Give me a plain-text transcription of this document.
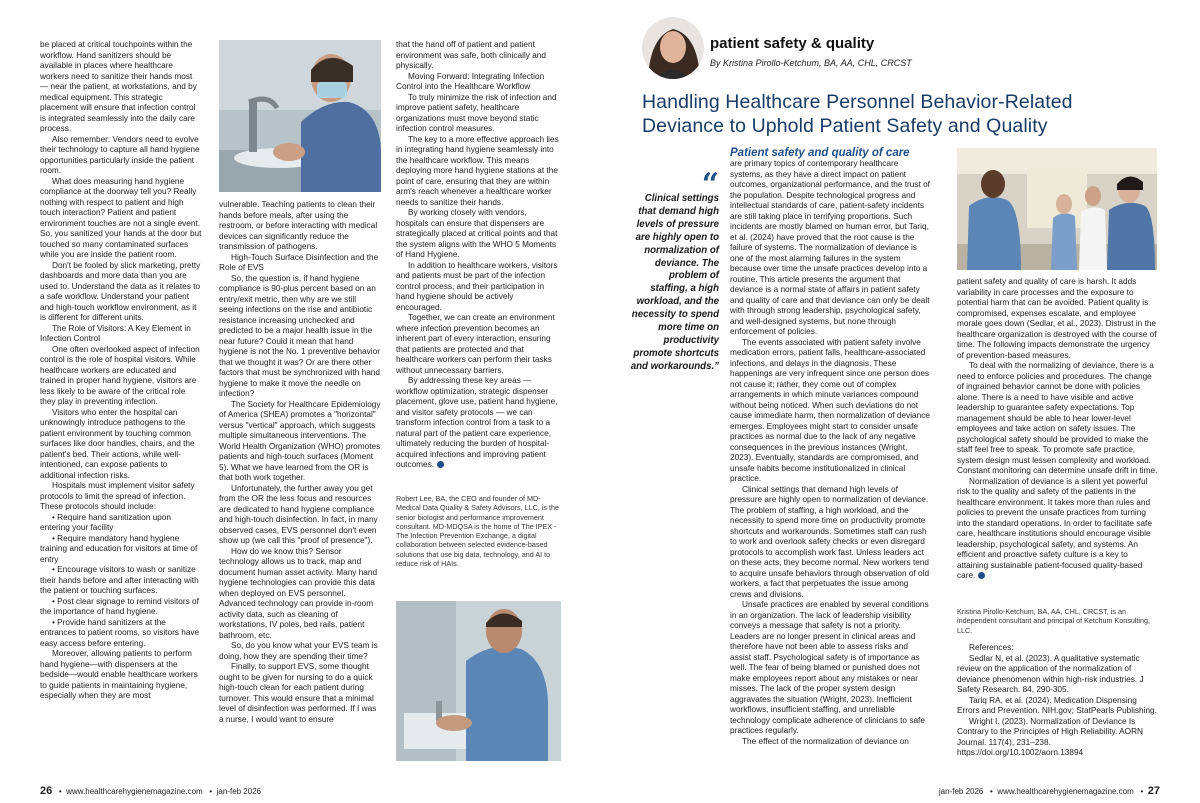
be placed at critical touchpoints within the workflow. Hand sanitizers should be available in places where healthcare workers need to sanitize their hands most — near the patient, at workstations, and by medical equipment. This strategic placement will ensure that infection control is integrated seamlessly into the daily care process.

Also remember: Vendors need to evolve their technology to capture all hand hygiene opportunities particularly inside the patient room.

What does measuring hand hygiene compliance at the doorway tell you? Really nothing with respect to patient and high touch interaction? Patient and patient environment touches are not a single event. So, you sanitized your hands at the door but touched so many contaminated surfaces while you are inside the patient room.

Don't be fooled by slick marketing, pretty dashboards and more data than you are used to. Understand the data as it relates to a safe workflow. Understand your patient and high-touch workflow environment, as it is different for different units.

The Role of Visitors: A Key Element in Infection Control

One often overlooked aspect of infection control is the role of hospital visitors. While healthcare workers are educated and trained in proper hand hygiene, visitors are less likely to be aware of the critical role they play in preventing infection.

Visitors who enter the hospital can unknowingly introduce pathogens to the patient environment by touching common surfaces like door handles, chairs, and the patient's bed. Their actions, while well-intentioned, can expose patients to additional infection risks.

Hospitals must implement visitor safety protocols to limit the spread of infection. These protocols should include:

• Require hand sanitization upon entering your facility

• Require mandatory hand hygiene training and education for visitors at time of entry

• Encourage visitors to wash or sanitize their hands before and after interacting with the patient or touching surfaces.

• Post clear signage to remind visitors of the importance of hand hygiene.

• Provide hand sanitizers at the entrances to patient rooms, so visitors have easy access before entering.

Moreover, allowing patients to perform hand hygiene—with dispensers at the bedside—would enable healthcare workers to guide patients in maintaining hygiene, especially when they are most

vulnerable. Teaching patients to clean their hands before meals, after using the restroom, or before interacting with medical devices can significantly reduce the transmission of pathogens.

High-Touch Surface Disinfection and the Role of EVS

So, the question is, if hand hygiene compliance is 90-plus percent based on an entry/exit metric, then why are we still seeing infections on the rise and antibiotic resistance increasing unchecked and predicted to be a major health issue in the near future? Could it mean that hand hygiene is not the No. 1 preventive behavior that we thought it was? Or are there other factors that must be synchronized with hand hygiene to make it move the needle on infection?

The Society for Healthcare Epidemiology of America (SHEA) promotes a "horizontal" versus "vertical" approach, which suggests multiple simultaneous interventions. The World Health Organization (WHO) promotes patients and high-touch surfaces (Moment 5). What we have learned from the OR is that both work together.

Unfortunately, the further away you get from the OR the less focus and resources are dedicated to hand hygiene compliance and high-touch disinfection. In fact, in many observed cases, EVS personnel don't even show up (we call this "proof of presence").

How do we know this? Sensor technology allows us to track, map and document human asset activity. Many hand hygiene technologies can provide this data when deployed on EVS personnel. Advanced technology can provide in-room activity data, such as cleaning of workstations, IV poles, bed rails, patient bathroom, etc.

So, do you know what your EVS team is doing, how they are spending their time?

Finally, to support EVS, some thought ought to be given for nursing to do a quick high-touch clean for each patient during turnover. This would ensure that a minimal level of disinfection was performed. If I was a nurse, I would want to ensure

that the hand off of patient and patient environment was safe, both clinically and physically.

Moving Forward: Integrating Infection Control into the Healthcare Workflow

To truly minimize the risk of infection and improve patient safety, healthcare organizations must move beyond static infection control measures.

The key to a more effective approach lies in integrating hand hygiene seamlessly into the healthcare workflow. This means deploying more hand hygiene stations at the point of care, ensuring that they are within arm's reach whenever a healthcare worker needs to sanitize their hands.

By working closely with vendors, hospitals can ensure that dispensers are strategically placed at critical points and that the system aligns with the WHO 5 Moments of Hand Hygiene.

In addition to healthcare workers, visitors and patients must be part of the infection control process, and their participation in hand hygiene should be actively encouraged.

Together, we can create an environment where infection prevention becomes an inherent part of every interaction, ensuring that patients are protected and that healthcare workers can perform their tasks without unnecessary barriers.

By addressing these key areas — workflow optimization, strategic dispenser placement, glove use, patient hand hygiene, and visitor safety protocols — we can transform infection control from a task to a natural part of the patient care experience, ultimately reducing the burden of hospital-acquired infections and improving patient outcomes.

Robert Lee, BA, the CEO and founder of MD-Medical Data Quality & Safety Advisors, LLC, is the senior biologist and performance improvement consultant. MD-MDQSA is the home of The IPEX - The Infection Prevention Exchange, a digital collaboration between selected evidence-based solutions that use big data, technology, and AI to reduce risk of HAIs.
26   •  www.healthcarehygienemagazine.com   •  jan-feb 2026
patient safety & quality
By Kristina Pirollo-Ketchum, BA, AA, CHL, CRCST
Handling Healthcare Personnel Behavior-Related
Deviance to Uphold Patient Safety and Quality
“
Clinical settings that demand high levels of pressure are highly open to normalization of deviance. The problem of staffing, a high workload, and the necessity to spend more time on productivity promote shortcuts and workarounds.”
Patient safety and quality of care

are primary topics of contemporary healthcare systems, as they have a direct impact on patient outcomes, organizational performance, and the trust of the population. Despite technological progress and intellectual standards of care, patient-safety incidents are still taking place in terrifying proportions. Such incidents are mostly blamed on human error, but Tariq, et al. (2024) have proved that the root cause is the failure of systems. The normalization of deviance is one of the most alarming failures in the system because over time the unsafe practices develop into a routine. This article presents the argument that deviance is a normal state of affairs in patient safety and quality of care and that deviance can only be dealt with through strong leadership, psychological safety, and well-designed systems, but none through enforcement of policies.

The events associated with patient safety involve medication errors, patient falls, healthcare-associated infections, and delays in the diagnosis. These happenings are very infrequent since one person does not cause it; rather, they come out of complex arrangements in which minute variances compound without being noticed. When such deviations do not cause immediate harm, then normalization of deviance emerges. Employees might start to consider unsafe practices as normal due to the lack of any negative consequences in the previous instances (Wright, 2023). Eventually, standards are compromised, and unsafe habits become institutionalized in clinical practice.

Clinical settings that demand high levels of pressure are highly open to normalization of deviance. The problem of staffing, a high workload, and the necessity to spend more time on productivity promote shortcuts and workarounds. Sometimes staff can rush to work and overlook safety checks or even disregard protocols to accomplish work fast. Unless leaders act on these acts, they become normal. New workers tend to acquire unsafe behaviors through observation of old workers, a fact that perpetuates the issue among crews and divisions.

Unsafe practices are enabled by several conditions in an organization. The lack of leadership visibility conveys a message that safety is not a priority. Leaders are no longer present in clinical areas and therefore have not been able to assess risks and assist staff. Psychological safety is of importance as well. The fear of being blamed or punished does not make employees report about any mistakes or near misses. The lack of the proper system design aggravates the situation (Wright, 2023). Inefficient workflows, insufficient staffing, and unreliable technology complicate adherence of clinicians to safe practices regularly.

The effect of the normalization of deviance on

patient safety and quality of care is harsh. It adds variability in care processes and the exposure to potential harm that can be avoided. Patient quality is compromised, expenses escalate, and employee morale goes down (Sedlar, et al., 2023). Distrust in the healthcare organization is destroyed with the course of time. The following impacts demonstrate the urgency of prevention-based measures.

To deal with the normalizing of deviance, there is a need to enforce policies and procedures. The change of ingrained behavior cannot be done with policies alone. There is a need to have visible and active leadership to guarantee safety expectations. Top management should be able to hear lower-level employees and take action on safety issues. The psychological safety should be provided to make the staff feel free to speak. To promote safe practice, system design must lessen complexity and workload. Constant monitoring can determine unsafe drift in time.

Normalization of deviance is a silent yet powerful risk to the quality and safety of the patients in the healthcare environment. It takes more than rules and policies to prevent the unsafe practices from turning into the standard operations. In order to facilitate safe care, healthcare institutions should encourage visible leadership, psychological safety, and systems. An efficient and proactive safety culture is a key to attaining sustainable patient-focused quality-based care.

Kristina Pirollo-Ketchum, BA, AA, CHL, CRCST, is an independent consultant and principal of Ketchum Konsulting, LLC.

References:

Sedlar N, et al. (2023). A qualitative systematic review on the application of the normalization of deviance phenomenon within high-risk industries. J Safety Research. 84, 290-305.

Tariq RA, et al. (2024). Medication Dispensing Errors and Prevention. NIH.gov; StatPearls Publishing.

Wright I. (2023). Normalization of Deviance Is Contrary to the Principles of High Reliability. AORN Journal. 117(4), 231–238. https://doi.org/10.1002/aorn.13894

jan-feb 2026   •  www.healthcarehygienemagazine.com   •  27
